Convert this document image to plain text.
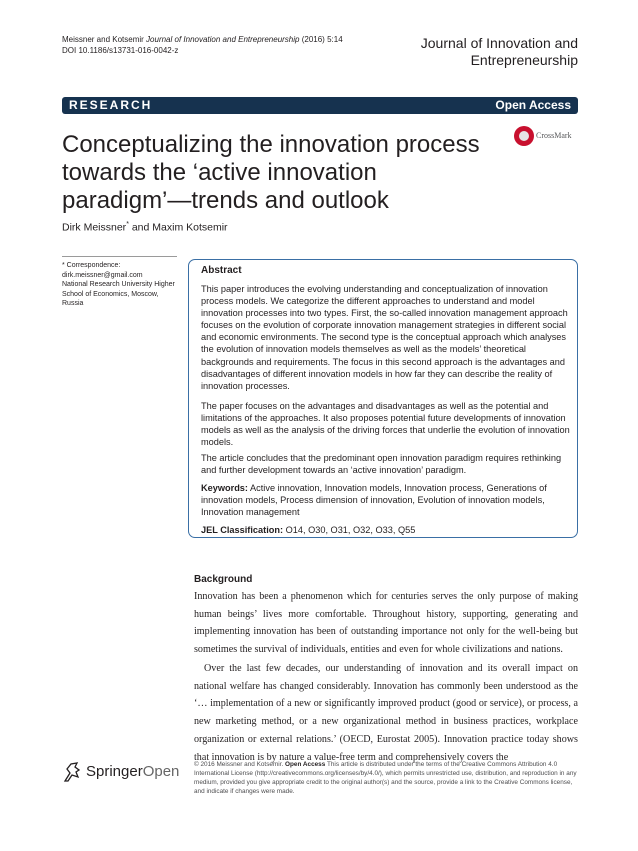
Meissner and Kotsemir Journal of Innovation and Entrepreneurship (2016) 5:14
DOI 10.1186/s13731-016-0042-z	Journal of Innovation and
Entrepreneurship
RESEARCH	Open Access
Conceptualizing the innovation process
towards the ‘active innovation
paradigm’—trends and outlook
CrossMark
Dirk Meissner* and Maxim Kotsemir
* Correspondence:
dirk.meissner@gmail.com
National Research University Higher
School of Economics, Moscow,
Russia
Abstract

This paper introduces the evolving understanding and conceptualization of innovation process models. We categorize the different approaches to understand and model innovation processes into two types. First, the so-called innovation management approach focuses on the evolution of corporate innovation management strategies in different social and economic environments. The second type is the conceptual approach which analyses the evolution of innovation models themselves as well as the models’ theoretical backgrounds and requirements. The focus in this second approach is the advantages and disadvantages of different innovation models in how far they can describe the reality of innovation processes.

The paper focuses on the advantages and disadvantages as well as the potential and limitations of the approaches. It also proposes potential future developments of innovation models as well as the analysis of the driving forces that underlie the evolution of innovation models.

The article concludes that the predominant open innovation paradigm requires rethinking and further development towards an ‘active innovation’ paradigm.

Keywords: Active innovation, Innovation models, Innovation process, Generations of innovation models, Process dimension of innovation, Evolution of innovation models, Innovation management
JEL Classification: O14, O30, O31, O32, O33, Q55
Background

Innovation has been a phenomenon which for centuries serves the only purpose of making human beings’ lives more comfortable. Throughout history, supporting, generating and implementing innovation has been of outstanding importance not only for the well-being but sometimes the survival of individuals, entities and even for whole civilizations and nations.

Over the last few decades, our understanding of innovation and its overall impact on national welfare has changed considerably. Innovation has commonly been understood as the ‘… implementation of a new or significantly improved product (good or service), or process, a new marketing method, or a new organizational method in business practices, workplace organization or external relations.’ (OECD, Eurostat 2005). Innovation practice today shows that innovation is by nature a value-free term and comprehensively covers the

SpringerOpen © 2016 Meissner and Kotsemir. Open Access This article is distributed under the terms of the Creative Commons Attribution 4.0 International License (http://creativecommons.org/licenses/by/4.0/), which permits unrestricted use, distribution, and reproduction in any medium, provided you give appropriate credit to the original author(s) and the source, provide a link to the Creative Commons license, and indicate if changes were made.
